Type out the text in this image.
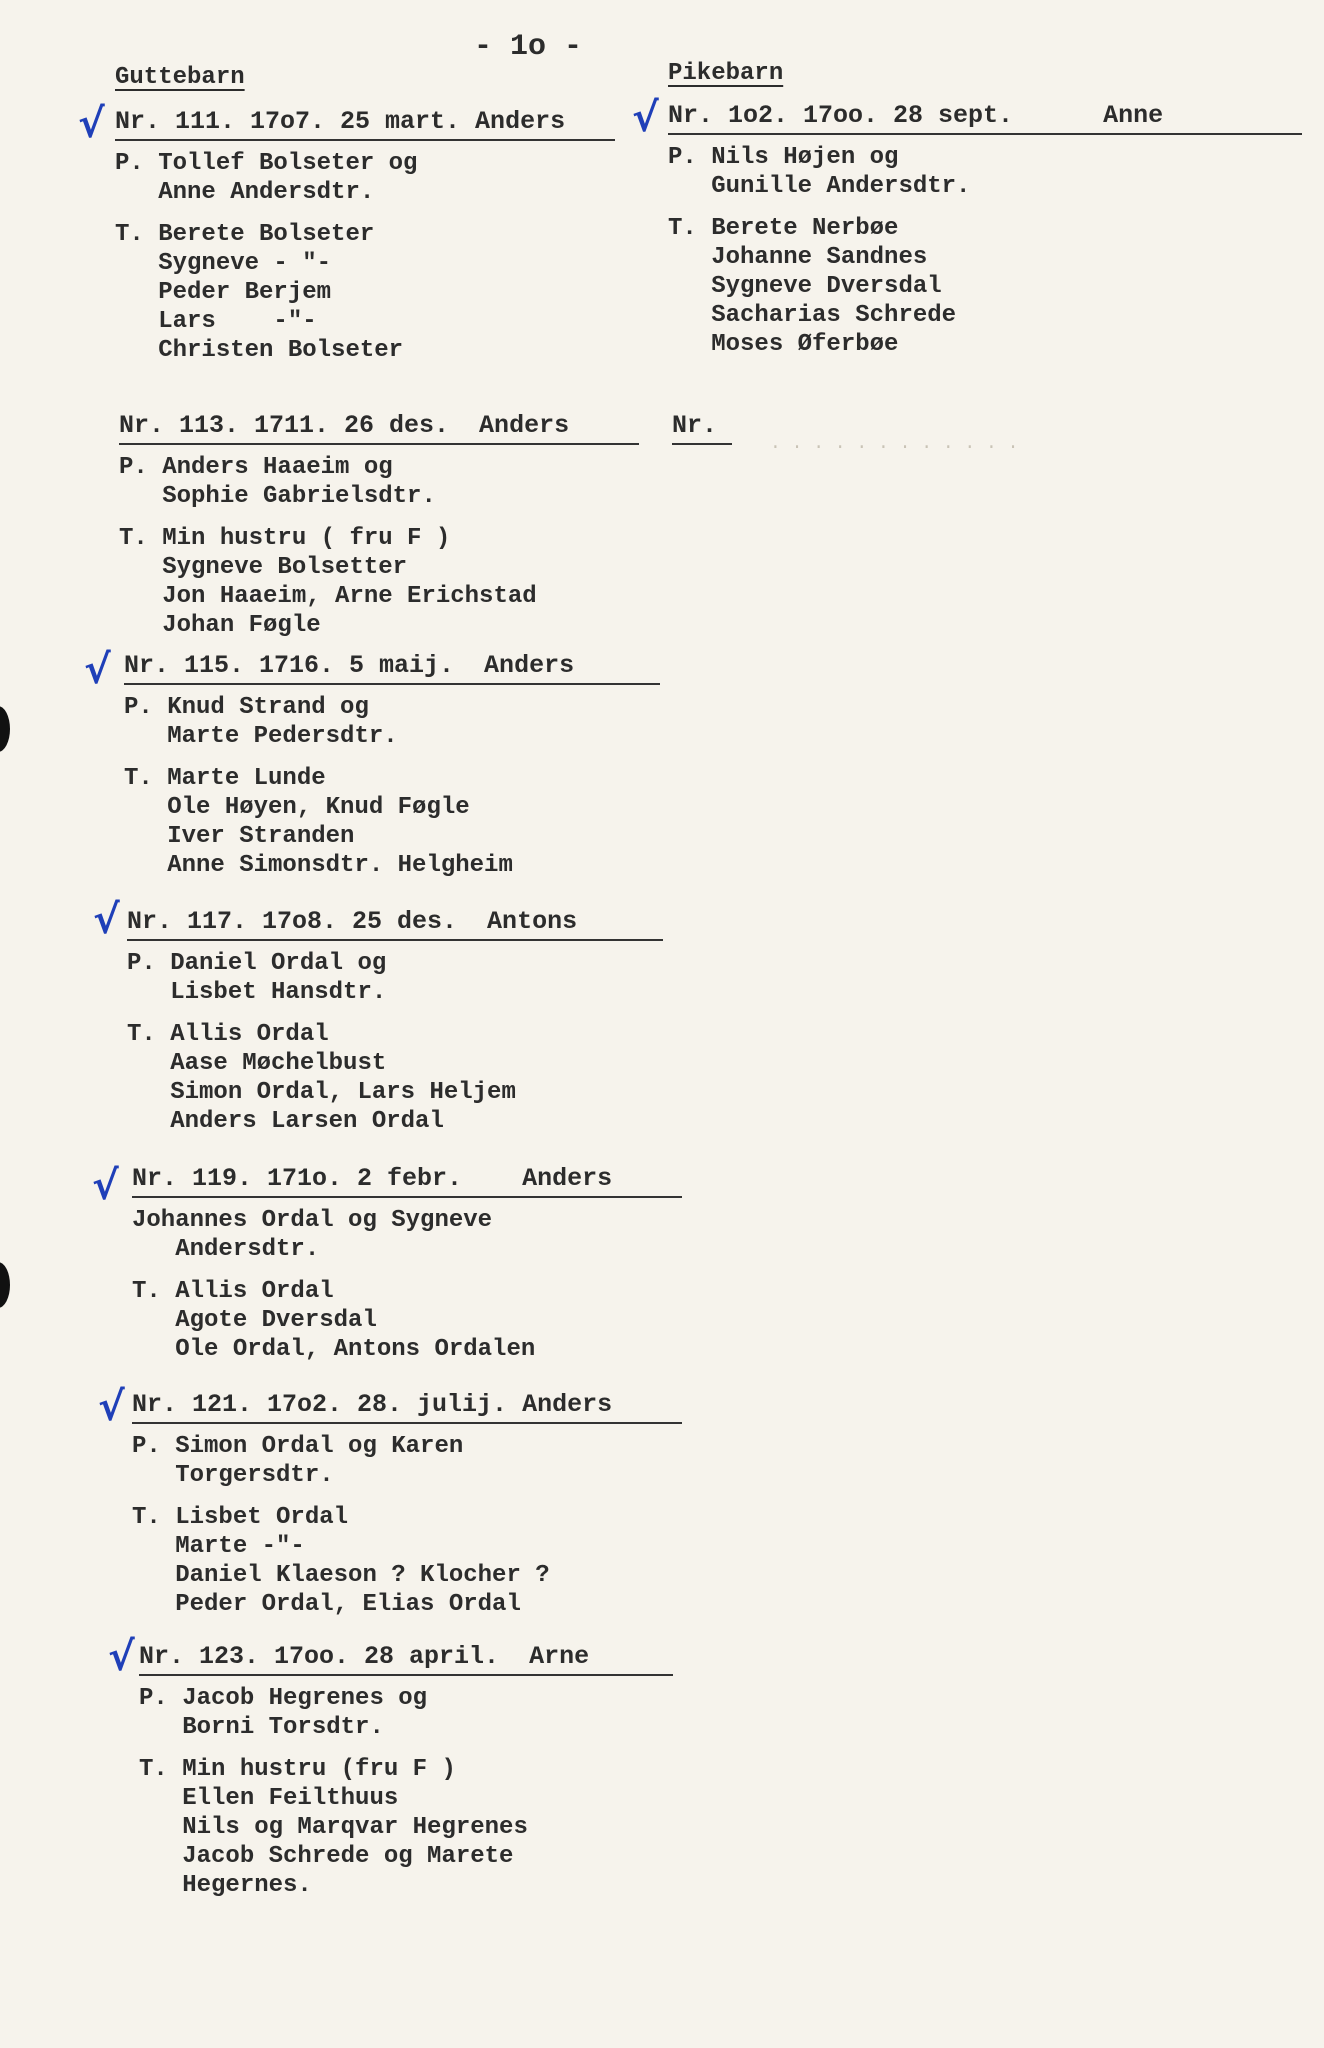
- 1o -
Guttebarn	Pikebarn
. . . . . . . . . . . .
Nr. 111. 17o7. 25 mart. Anders
P. Tollef Bolseter og
Anne Andersdtr.
T. Berete Bolseter
Sygneve - "-
Peder Berjem
Lars    -"-
Christen Bolseter
√	Nr. 1o2. 17oo. 28 sept.      Anne
P. Nils Højen og
Gunille Andersdtr.
T. Berete Nerbøe
Johanne Sandnes
Sygneve Dversdal
Sacharias Schrede
Moses Øferbøe
√
Nr. 113. 1711. 26 des.  Anders
P. Anders Haaeim og
Sophie Gabrielsdtr.
T. Min hustru ( fru F )
Sygneve Bolsetter
Jon Haaeim, Arne Erichstad
Johan Føgle
Nr.
Nr. 115. 1716. 5 maij.  Anders
P. Knud Strand og
Marte Pedersdtr.
T. Marte Lunde
Ole Høyen, Knud Føgle
Iver Stranden
Anne Simonsdtr. Helgheim
√
Nr. 117. 17o8. 25 des.  Antons
P. Daniel Ordal og
Lisbet Hansdtr.
T. Allis Ordal
Aase Møchelbust
Simon Ordal, Lars Heljem
Anders Larsen Ordal
√
Nr. 119. 171o. 2 febr.    Anders
Johannes Ordal og Sygneve
Andersdtr.
T. Allis Ordal
Agote Dversdal
Ole Ordal, Antons Ordalen
√
Nr. 121. 17o2. 28. julij. Anders
P. Simon Ordal og Karen
Torgersdtr.
T. Lisbet Ordal
Marte -"-
Daniel Klaeson ? Klocher ?
Peder Ordal, Elias Ordal
√
Nr. 123. 17oo. 28 april.  Arne
P. Jacob Hegrenes og
Borni Torsdtr.
T. Min hustru (fru F )
Ellen Feilthuus
Nils og Marqvar Hegrenes
Jacob Schrede og Marete
Hegernes.
√
